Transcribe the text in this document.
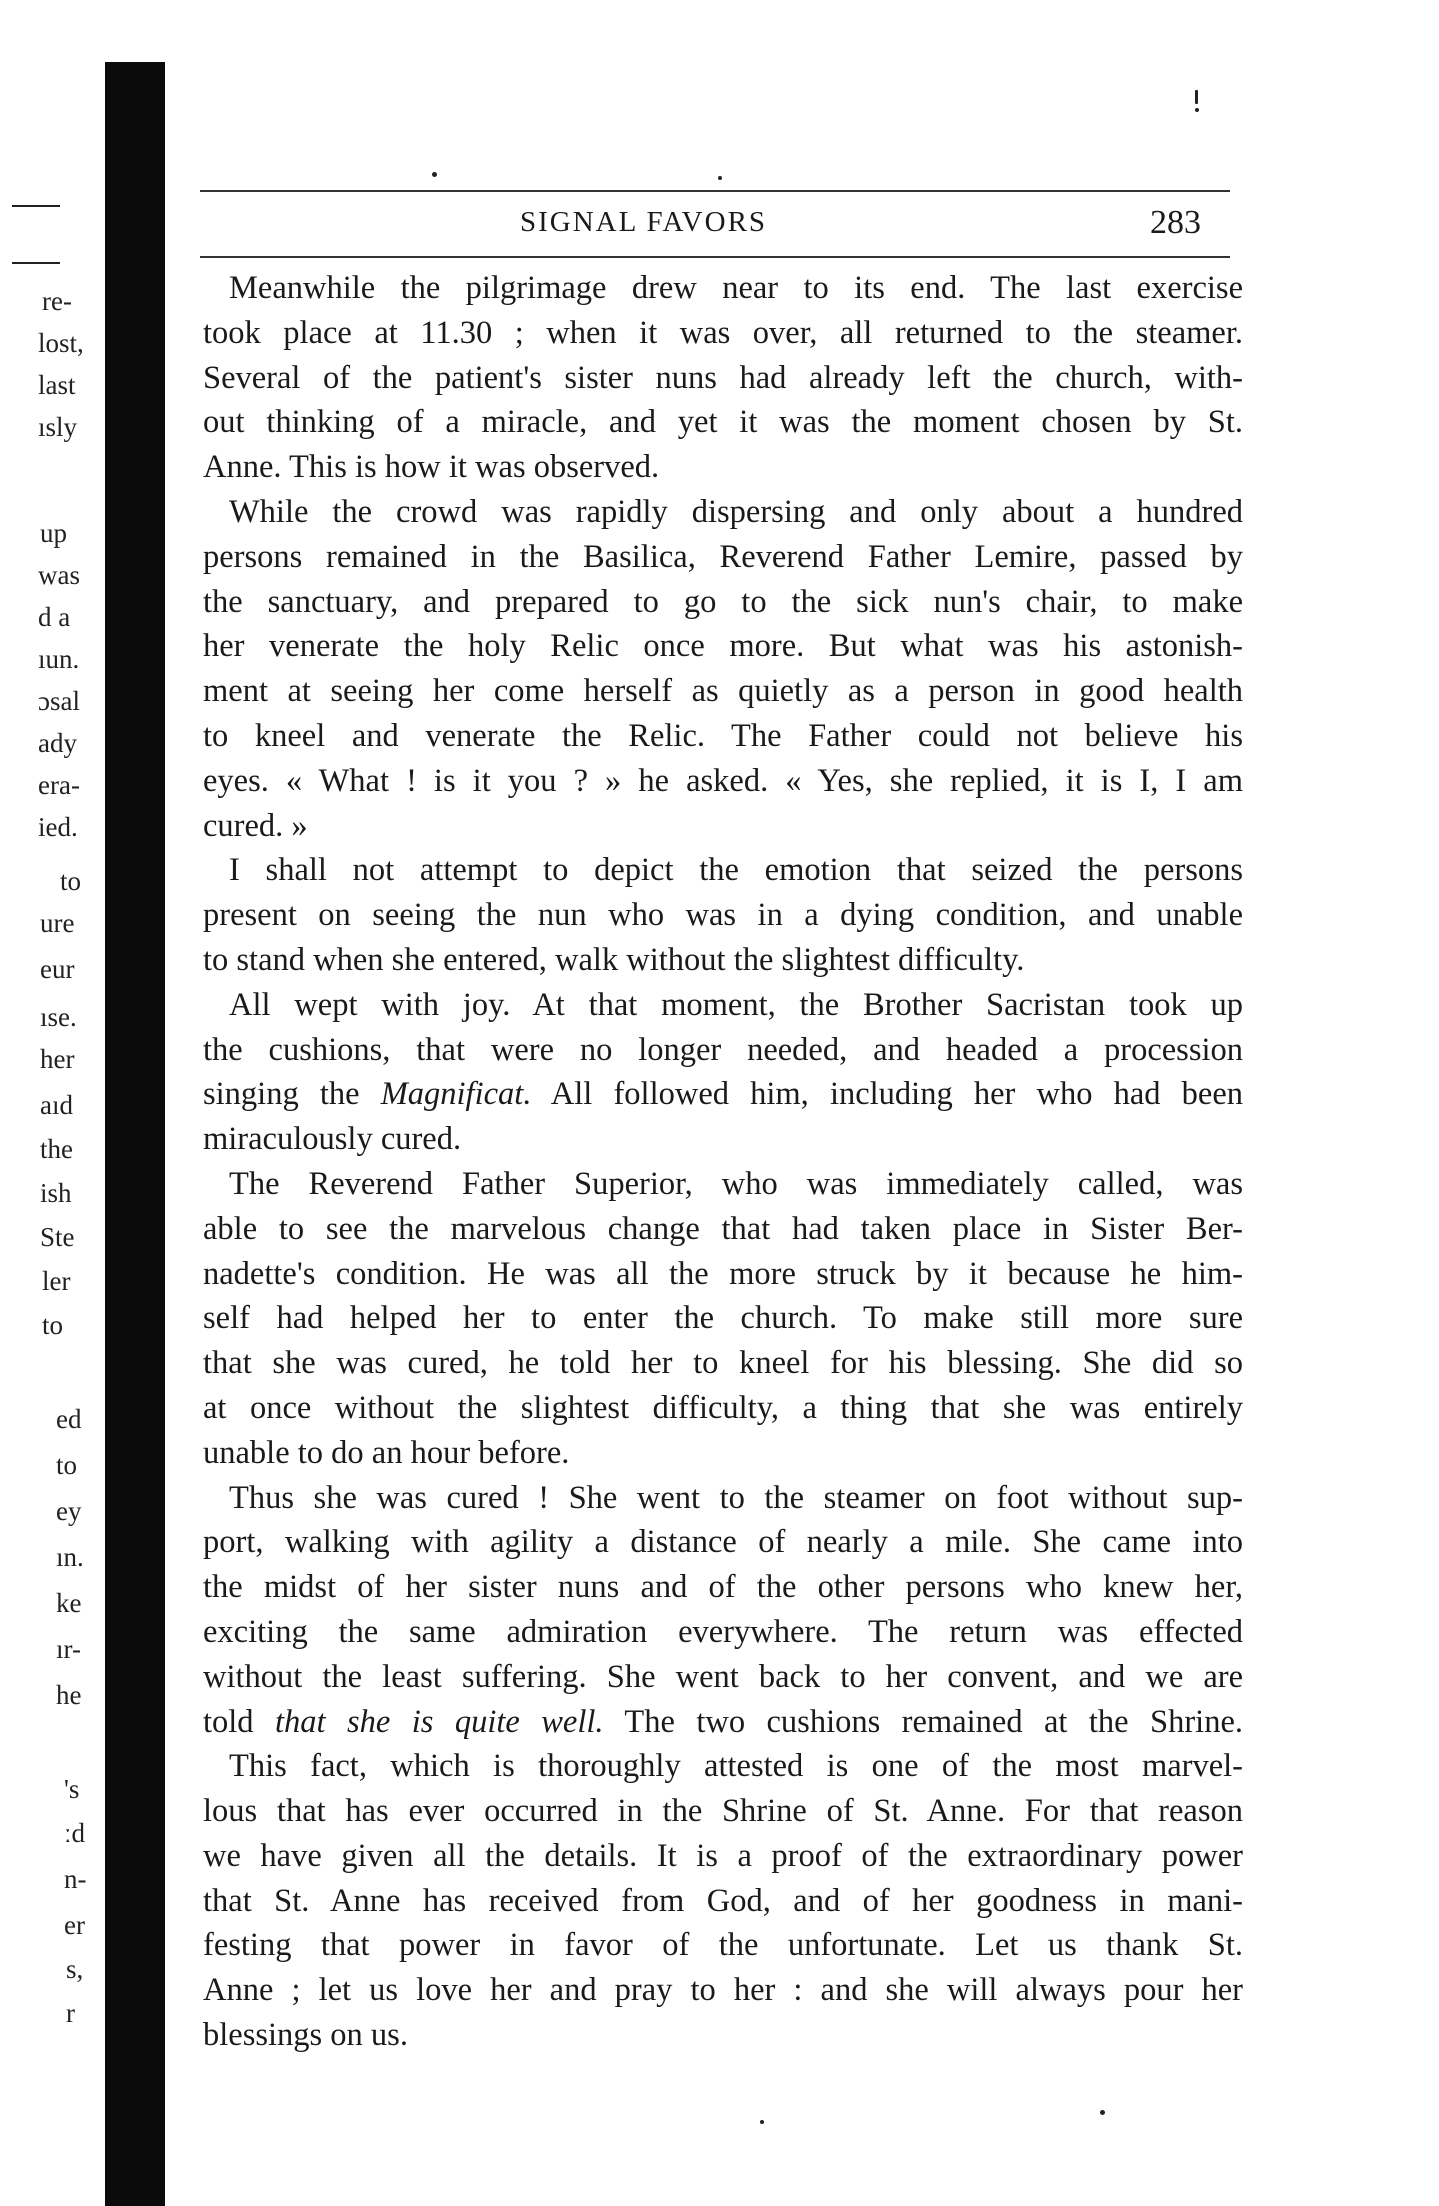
re-
lost,
last
ısly
up
was
d a
ıun.
ɔsal
ady
era-
ied.
to
ure
eur
ıse.
her
aıd
the
ish
Ste
ler
to
ed
to
ey
ın.
ke
ır-
he
's
ːd
n-
er
s,
r
SIGNAL FAVORS	283
Meanwhile the pilgrimage drew near to its end. The last exercise
took place at 11.30 ; when it was over, all returned to the steamer.
Several of the patient's sister nuns had already left the church, with-
out thinking of a miracle, and yet it was the moment chosen by St.
Anne. This is how it was observed.
While the crowd was rapidly dispersing and only about a hundred
persons remained in the Basilica, Reverend Father Lemire, passed by
the sanctuary, and prepared to go to the sick nun's chair, to make
her venerate the holy Relic once more. But what was his astonish-
ment at seeing her come herself as quietly as a person in good health
to kneel and venerate the Relic. The Father could not believe his
eyes. « What ! is it you ? » he asked. « Yes, she replied, it is I, I am
cured. »
I shall not attempt to depict the emotion that seized the persons
present on seeing the nun who was in a dying condition, and unable
to stand when she entered, walk without the slightest difficulty.
All wept with joy. At that moment, the Brother Sacristan took up
the cushions, that were no longer needed, and headed a procession
singing the Magnificat. All followed him, including her who had been
miraculously cured.
The Reverend Father Superior, who was immediately called, was
able to see the marvelous change that had taken place in Sister Ber-
nadette's condition. He was all the more struck by it because he him-
self had helped her to enter the church. To make still more sure
that she was cured, he told her to kneel for his blessing. She did so
at once without the slightest difficulty, a thing that she was entirely
unable to do an hour before.
Thus she was cured ! She went to the steamer on foot without sup-
port, walking with agility a distance of nearly a mile. She came into
the midst of her sister nuns and of the other persons who knew her,
exciting the same admiration everywhere. The return was effected
without the least suffering. She went back to her convent, and we are
told that she is quite well. The two cushions remained at the Shrine.
This fact, which is thoroughly attested is one of the most marvel-
lous that has ever occurred in the Shrine of St. Anne. For that reason
we have given all the details. It is a proof of the extraordinary power
that St. Anne has received from God, and of her goodness in mani-
festing that power in favor of the unfortunate. Let us thank St.
Anne ; let us love her and pray to her : and she will always pour her
blessings on us.
